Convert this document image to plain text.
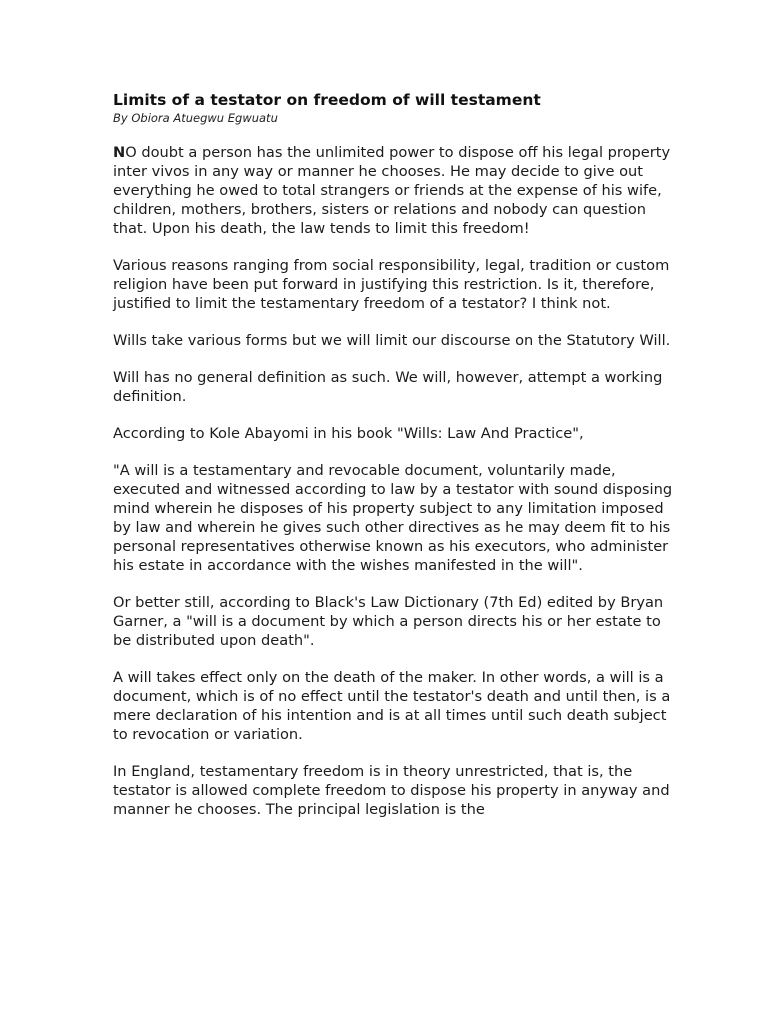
Limits of a testator on freedom of will testament

By Obiora Atuegwu Egwuatu

NO doubt a person has the unlimited power to dispose off his legal property inter vivos in any way or manner he chooses. He may decide to give out everything he owed to total strangers or friends at the expense of his wife, children, mothers, brothers, sisters or relations and nobody can question that. Upon his death, the law tends to limit this freedom!

Various reasons ranging from social responsibility, legal, tradition or custom religion have been put forward in justifying this restriction. Is it, therefore, justified to limit the testamentary freedom of a testator? I think not.

Wills take various forms but we will limit our discourse on the Statutory Will.

Will has no general definition as such. We will, however, attempt a working definition.

According to Kole Abayomi in his book "Wills: Law And Practice",

"A will is a testamentary and revocable document, voluntarily made, executed and witnessed according to law by a testator with sound disposing mind wherein he disposes of his property subject to any limitation imposed by law and wherein he gives such other directives as he may deem fit to his personal representatives otherwise known as his executors, who administer his estate in accordance with the wishes manifested in the will".

Or better still, according to Black's Law Dictionary (7th Ed) edited by Bryan Garner, a "will is a document by which a person directs his or her estate to be distributed upon death".

A will takes effect only on the death of the maker. In other words, a will is a document, which is of no effect until the testator's death and until then, is a mere declaration of his intention and is at all times until such death subject to revocation or variation.

In England, testamentary freedom is in theory unrestricted, that is, the testator is allowed complete freedom to dispose his property in anyway and manner he chooses. The principal legislation is the
